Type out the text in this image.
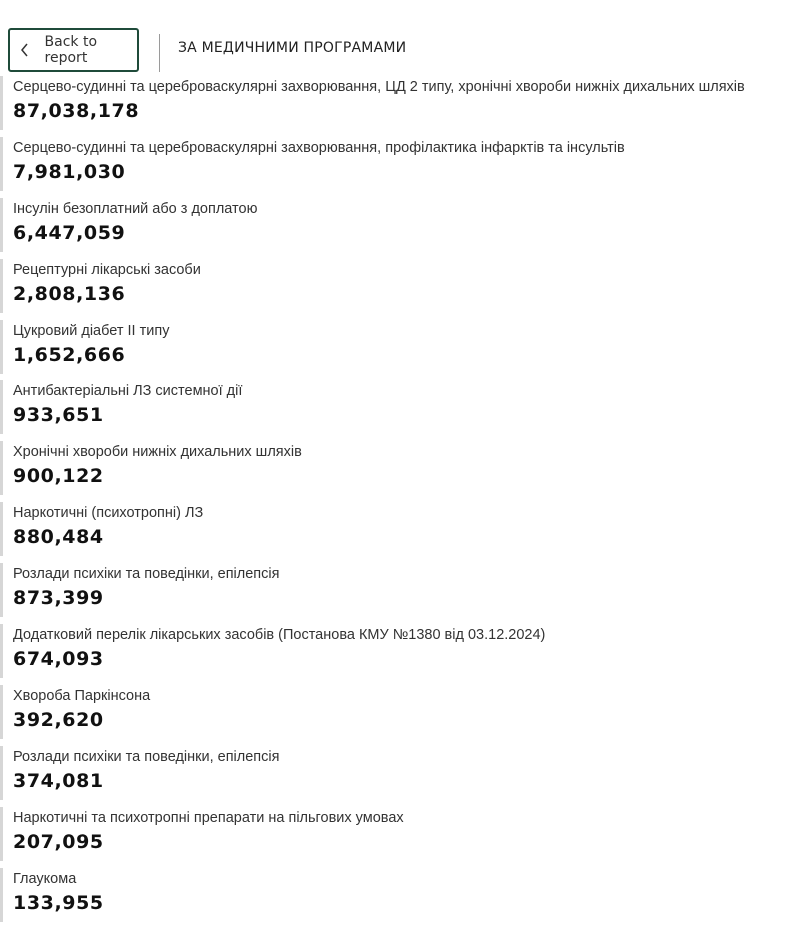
Back to report
ЗА МЕДИЧНИМИ ПРОГРАМАМИ
Серцево-судинні та цереброваскулярні захворювання, ЦД 2 типу, хронічні хвороби нижніх дихальних шляхів
87,038,178
Серцево-судинні та цереброваскулярні захворювання, профілактика інфарктів та інсультів
7,981,030
Інсулін безоплатний або з доплатою
6,447,059
Рецептурні лікарські засоби
2,808,136
Цукровий діабет II типу
1,652,666
Антибактеріальні ЛЗ системної дії
933,651
Хронічні хвороби нижніх дихальних шляхів
900,122
Наркотичні (психотропні) ЛЗ
880,484
Розлади психіки та поведінки, епілепсія
873,399
Додатковий перелік лікарських засобів (Постанова КМУ №1380 від 03.12.2024)
674,093
Хвороба Паркінсона
392,620
Розлади психіки та поведінки, епілепсія
374,081
Наркотичні та психотропні препарати на пільгових умовах
207,095
Глаукома
133,955
